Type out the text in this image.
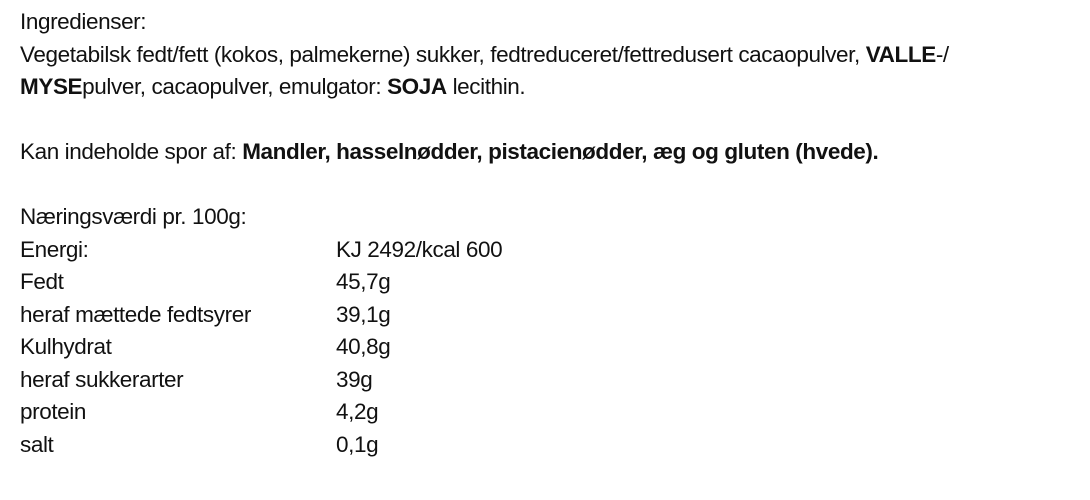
Ingredienser:
Vegetabilsk fedt/fett (kokos, palmekerne) sukker, fedtreduceret/fettredusert cacaopulver, VALLE-/
MYSEpulver, cacaopulver, emulgator: SOJA lecithin.
Kan indeholde spor af: Mandler, hasselnødder, pistacienødder, æg og gluten (hvede).
Næringsværdi pr. 100g:
Energi:	KJ 2492/kcal 600
Fedt	45,7g
heraf mættede fedtsyrer	39,1g
Kulhydrat	40,8g
heraf sukkerarter	39g
protein	4,2g
salt	0,1g
